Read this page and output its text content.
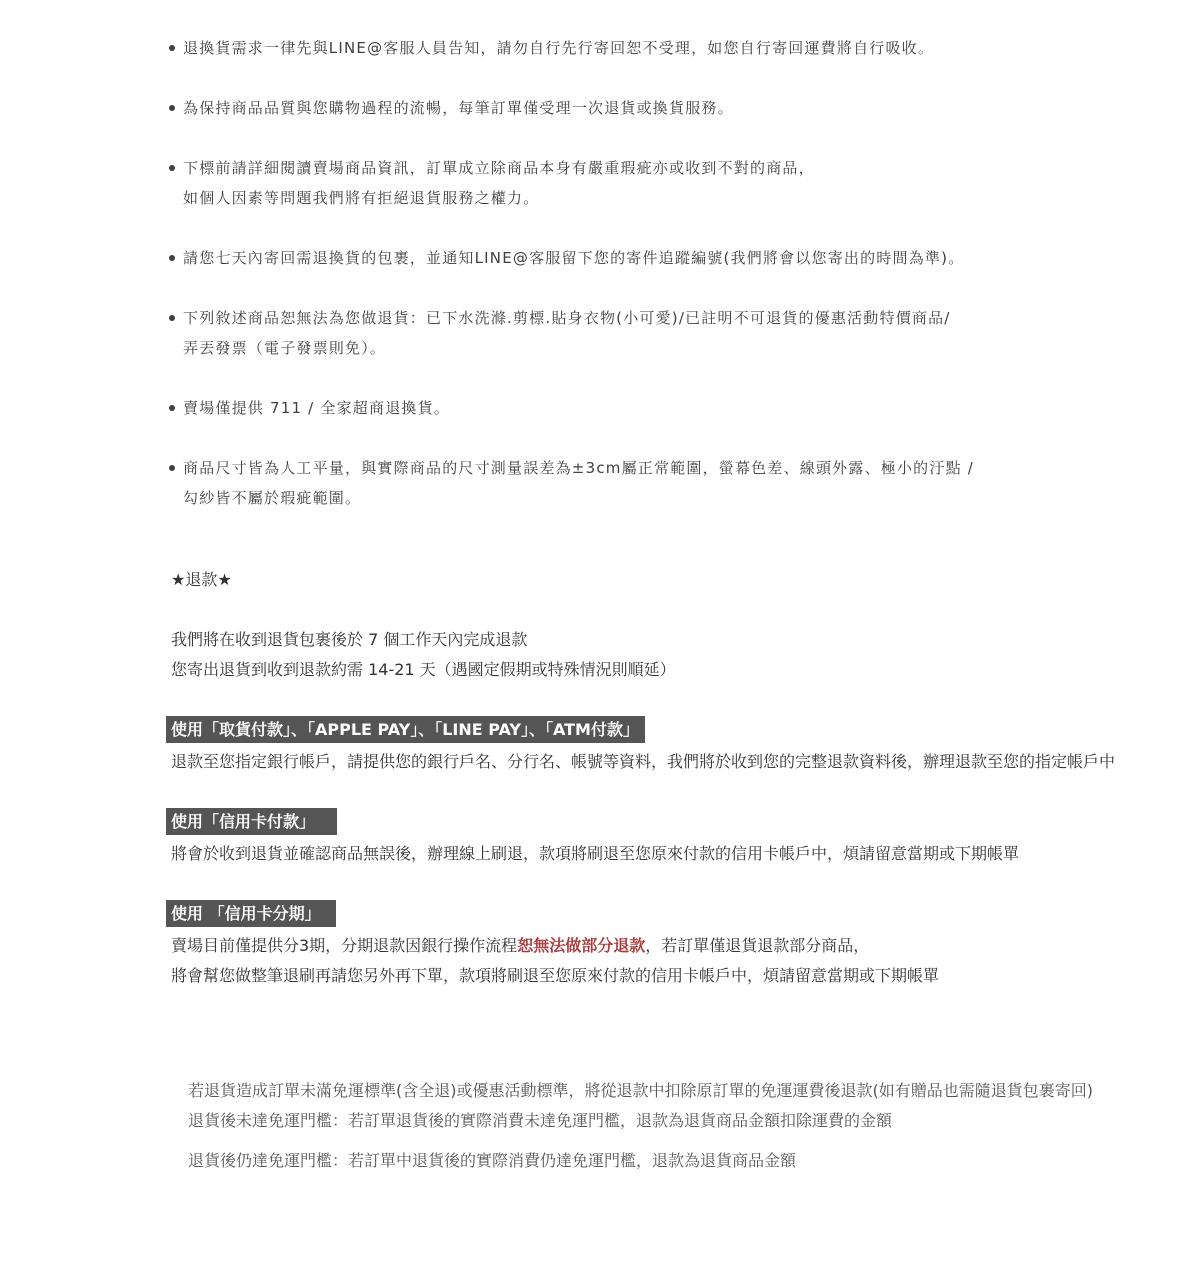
退換貨需求一律先與LINE@客服人員告知，請勿自行先行寄回恕不受理，如您自行寄回運費將自行吸收。
為保持商品品質與您購物過程的流暢，每筆訂單僅受理一次退貨或換貨服務。
下標前請詳細閱讀賣場商品資訊，訂單成立除商品本身有嚴重瑕疵亦或收到不對的商品，
如個人因素等問題我們將有拒絕退貨服務之權力。
請您七天內寄回需退換貨的包裹，並通知LINE@客服留下您的寄件追蹤編號(我們將會以您寄出的時間為準)。
下列敘述商品恕無法為您做退貨：已下水洗滌.剪標.貼身衣物(小可愛)/已註明不可退貨的優惠活動特價商品/
弄丟發票（電子發票則免）。
賣場僅提供 711 / 全家超商退換貨。
商品尺寸皆為人工平量，與實際商品的尺寸測量誤差為±3cm屬正常範圍，螢幕色差、線頭外露、極小的汙點 /
勾紗皆不屬於瑕疵範圍。
★退款★
我們將在收到退貨包裹後於 7 個工作天內完成退款
您寄出退貨到收到退款約需 14-21 天（遇國定假期或特殊情況則順延）
使用「取貨付款」、「APPLE PAY」、「LINE PAY」、「ATM付款」
退款至您指定銀行帳戶，請提供您的銀行戶名、分行名、帳號等資料，我們將於收到您的完整退款資料後，辦理退款至您的指定帳戶中
使用「信用卡付款」
將會於收到退貨並確認商品無誤後，辦理線上刷退，款項將刷退至您原來付款的信用卡帳戶中，煩請留意當期或下期帳單
使用 「信用卡分期」
賣場目前僅提供分3期，分期退款因銀行操作流程恕無法做部分退款，若訂單僅退貨退款部分商品，
將會幫您做整筆退刷再請您另外再下單，款項將刷退至您原來付款的信用卡帳戶中，煩請留意當期或下期帳單
若退貨造成訂單未滿免運標準(含全退)或優惠活動標準，將從退款中扣除原訂單的免運運費後退款(如有贈品也需隨退貨包裹寄回)
退貨後未達免運門檻：若訂單退貨後的實際消費未達免運門檻，退款為退貨商品金額扣除運費的金額
退貨後仍達免運門檻：若訂單中退貨後的實際消費仍達免運門檻，退款為退貨商品金額
